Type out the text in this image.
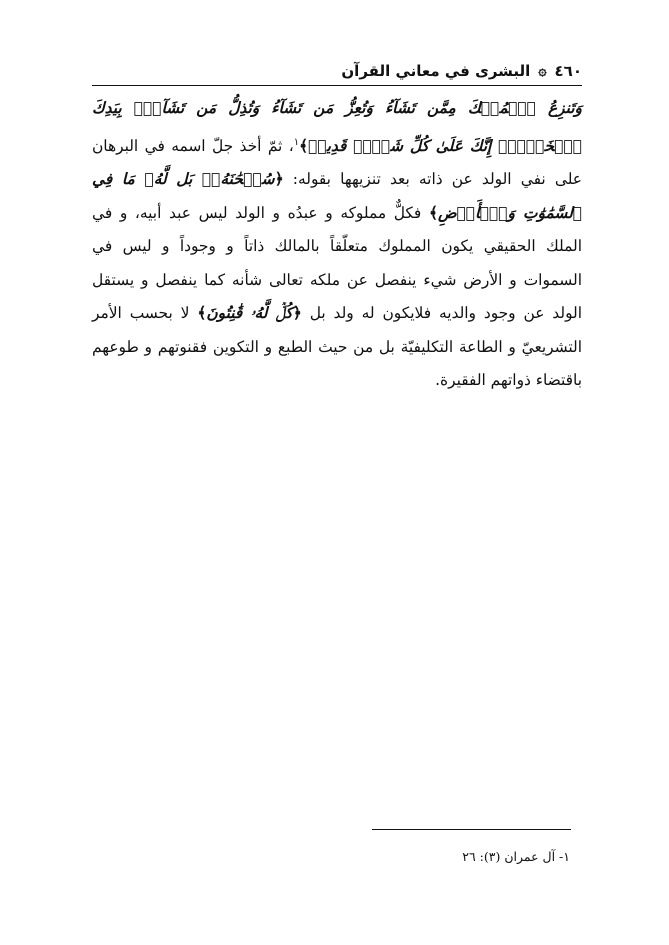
٤٦٠
۞
البشرى في معاني القرآن

وَتَنزِعُ ٱلۡمُلۡكَ مِمَّن تَشَآءُ وَتُعِزُّ مَن تَشَآءُ وَتُذِلُّ مَن تَشَآءُۖ بِيَدِكَ ٱلۡخَيۡرُۖ إِنَّكَ عَلَىٰ كُلِّ شَيۡءٖ قَدِيرٞ﴾$^١$، ثمّ أخذ جلّ اسمه في البرهان على نفي الولد عن ذاته بعد تنزيهها بقوله: ﴿سُبۡحَٰنَهُۥۖ بَل لَّهُۥ مَا فِي ٱلسَّمَٰوَٰتِ وَٱلۡأَرۡضِ﴾ فكلٌّ مملوكه و عبدُه و الولد ليس عبد أبيه، و في الملك الحقيقي يكون المملوك متعلّقاً بالمالك ذاتاً و وجوداً و ليس في السموات و الأرض شيء ينفصل عن ملكه تعالى شأنه كما ينفصل و يستقل الولد عن وجود والديه فلايكون له ولد بل ﴿كُلّٞ لَّهُۥ قَٰنِتُونَ﴾ لا بحسب الأمر التشريعيّ و الطاعة التكليفيّة بل من حيث الطبع و التكوين فقنوتهم و طوعهم باقتضاء ذواتهم الفقيرة.

١- آل عمران (٣): ٢٦
